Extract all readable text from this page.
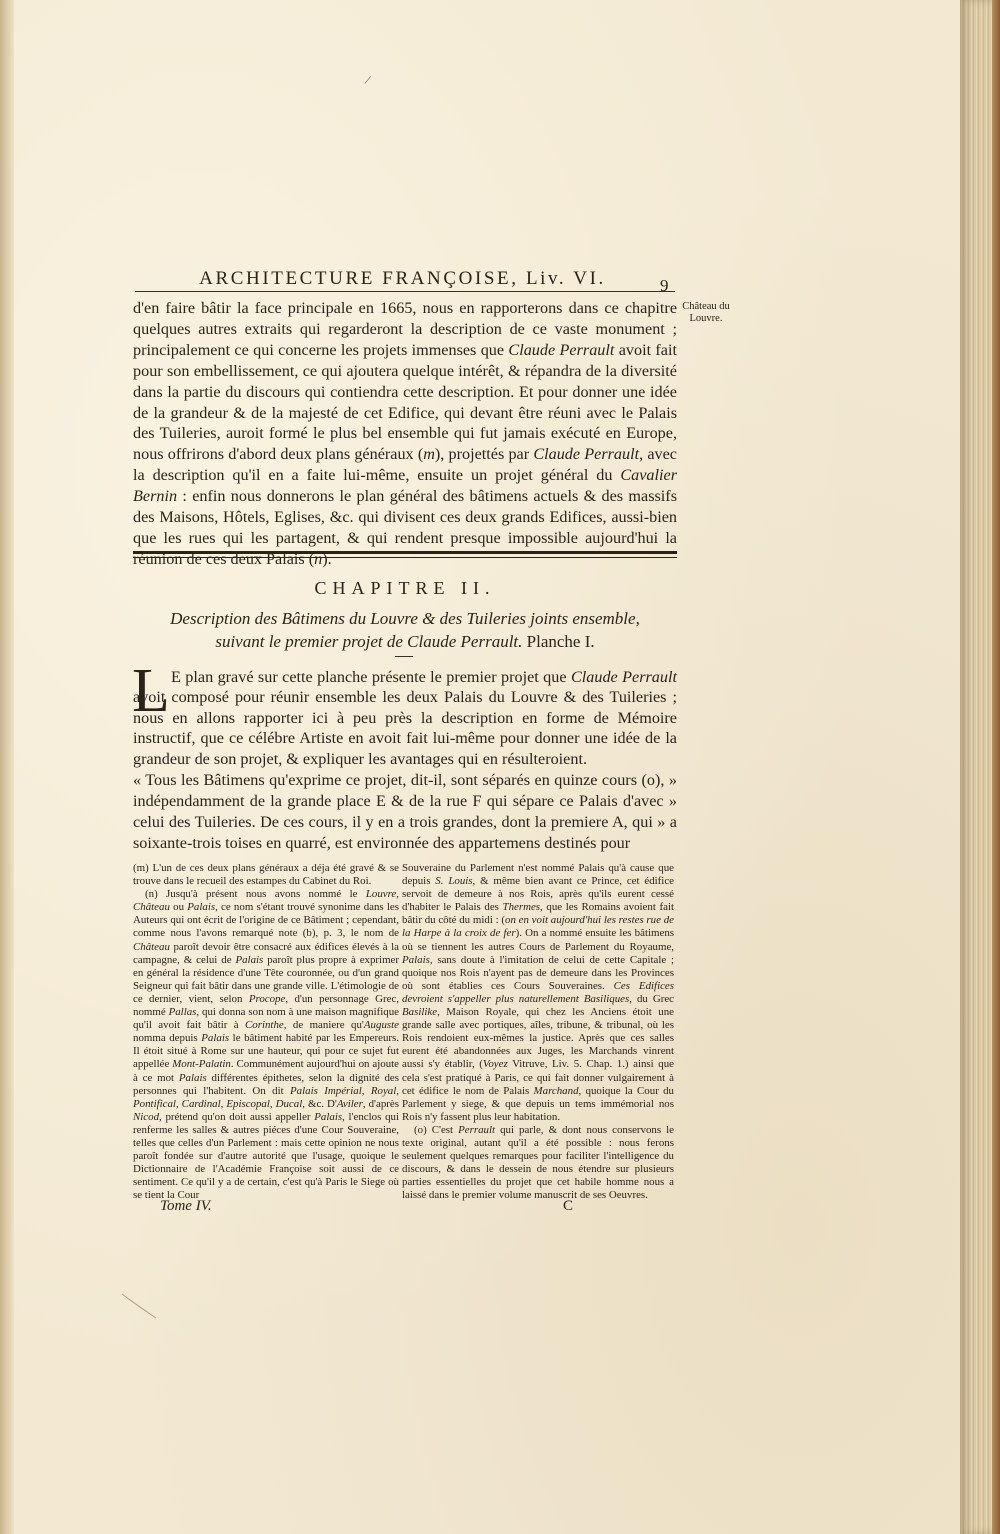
/
ARCHITECTURE FRANÇOISE, Liv. VI.	9
Château du Louvre.

d'en faire bâtir la face principale en 1665, nous en rapporterons dans ce chapitre quelques autres extraits qui regarderont la description de ce vaste monument ; principalement ce qui concerne les projets immenses que Claude Perrault avoit fait pour son embellissement, ce qui ajoutera quelque intérêt, & répandra de la diversité dans la partie du discours qui contiendra cette description. Et pour donner une idée de la grandeur & de la majesté de cet Edifice, qui devant être réuni avec le Palais des Tuileries, auroit formé le plus bel ensemble qui fut jamais exécuté en Europe, nous offrirons d'abord deux plans généraux (m), projettés par Claude Perrault, avec la description qu'il en a faite lui-même, ensuite un projet général du Cavalier Bernin : enfin nous donnerons le plan général des bâtimens actuels & des massifs des Maisons, Hôtels, Eglises, &c. qui divisent ces deux grands Edifices, aussi-bien que les rues qui les partagent, & qui rendent presque impossible aujourd'hui la réunion de ces deux Palais (n).

CHAPITRE II.
Description des Bâtimens du Louvre & des Tuileries joints ensemble,
suivant le premier projet de Claude Perrault. Planche I.
L E plan gravé sur cette planche présente le premier projet que Claude Perrault avoit composé pour réunir ensemble les deux Palais du Louvre & des Tuileries ; nous en allons rapporter ici à peu près la description en forme de Mémoire instructif, que ce célébre Artiste en avoit fait lui-même pour donner une idée de la grandeur de son projet, & expliquer les avantages qui en résulteroient.

« Tous les Bâtimens qu'exprime ce projet, dit-il, sont séparés en quinze cours (o), » indépendamment de la grande place E & de la rue F qui sépare ce Palais d'avec » celui des Tuileries. De ces cours, il y en a trois grandes, dont la premiere A, qui » a soixante-trois toises en quarré, est environnée des appartemens destinés pour

(m) L'un de ces deux plans généraux a déja été gravé & se trouve dans le recueil des estampes du Cabinet du Roi.

(n) Jusqu'à présent nous avons nommé le Louvre, Château ou Palais, ce nom s'étant trouvé synonime dans les Auteurs qui ont écrit de l'origine de ce Bâtiment ; cependant, comme nous l'avons remarqué note (b), p. 3, le nom de Château paroît devoir être consacré aux édifices élevés à la campagne, & celui de Palais paroît plus propre à exprimer en général la résidence d'une Tête couronnée, ou d'un grand Seigneur qui fait bâtir dans une grande ville. L'étimologie de ce dernier, vient, selon Procope, d'un personnage Grec, nommé Pallas, qui donna son nom à une maison magnifique qu'il avoit fait bâtir à Corinthe, de maniere qu'Auguste nomma depuis Palais le bâtiment habité par les Empereurs. Il étoit situé à Rome sur une hauteur, qui pour ce sujet fut appellée Mont-Palatin. Communément aujourd'hui on ajoute à ce mot Palais différentes épithetes, selon la dignité des personnes qui l'habitent. On dit Palais Impérial, Royal, Pontifical, Cardinal, Episcopal, Ducal, &c. D'Aviler, d'après Nicod, prétend qu'on doit aussi appeller Palais, l'enclos qui renferme les salles & autres piéces d'une Cour Souveraine, telles que celles d'un Parlement : mais cette opinion ne nous paroît fondée sur d'autre autorité que l'usage, quoique le Dictionnaire de l'Académie Françoise soit aussi de ce sentiment. Ce qu'il y a de certain, c'est qu'à Paris le Siege où se tient la Cour

Souveraine du Parlement n'est nommé Palais qu'à cause que depuis S. Louis, & même bien avant ce Prince, cet édifice servoit de demeure à nos Rois, après qu'ils eurent cessé d'habiter le Palais des Thermes, que les Romains avoient fait bâtir du côté du midi : (on en voit aujourd'hui les restes rue de la Harpe à la croix de fer). On a nommé ensuite les bâtimens où se tiennent les autres Cours de Parlement du Royaume, Palais, sans doute à l'imitation de celui de cette Capitale ; quoique nos Rois n'ayent pas de demeure dans les Provinces où sont établies ces Cours Souveraines. Ces Edifices devroient s'appeller plus naturellement Basiliques, du Grec Basilike, Maison Royale, qui chez les Anciens étoit une grande salle avec portiques, aîles, tribune, & tribunal, où les Rois rendoient eux-mêmes la justice. Après que ces salles eurent été abandonnées aux Juges, les Marchands vinrent aussi s'y établir, (Voyez Vitruve, Liv. 5. Chap. 1.) ainsi que cela s'est pratiqué à Paris, ce qui fait donner vulgairement à cet édifice le nom de Palais Marchand, quoique la Cour du Parlement y siege, & que depuis un tems immémorial nos Rois n'y fassent plus leur habitation.

(o) C'est Perrault qui parle, & dont nous conservons le texte original, autant qu'il a été possible : nous ferons seulement quelques remarques pour faciliter l'intelligence du discours, & dans le dessein de nous étendre sur plusieurs parties essentielles du projet que cet habile homme nous a laissé dans le premier volume manuscrit de ses Oeuvres.

Tome IV.	C
